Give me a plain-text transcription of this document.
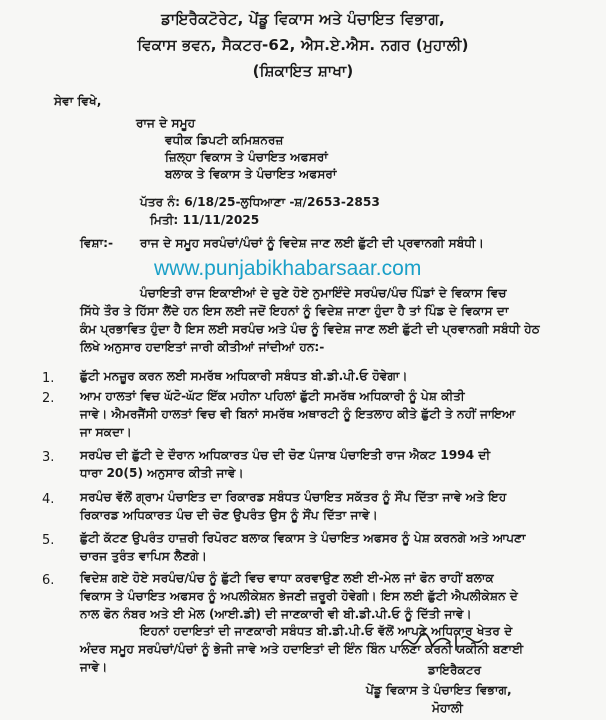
ਡਾਇਰੈਕਟੋਰੇਟ, ਪੇਂਡੂ ਵਿਕਾਸ ਅਤੇ ਪੰਚਾਇਤ ਵਿਭਾਗ,
ਵਿਕਾਸ ਭਵਨ, ਸੈਕਟਰ-62, ਐਸ.ਏ.ਐਸ. ਨਗਰ (ਮੁਹਾਲੀ)
(ਸ਼ਿਕਾਇਤ ਸ਼ਾਖਾ)
ਸੇਵਾ ਵਿਖੇ,
ਰਾਜ ਦੇ ਸਮੂਹ
ਵਧੀਕ ਡਿਪਟੀ ਕਮਿਸ਼ਨਰਜ਼
ਜ਼ਿਲ੍ਹਾ ਵਿਕਾਸ ਤੇ ਪੰਚਾਇਤ ਅਫਸਰਾਂ
ਬਲਾਕ ਤੇ ਵਿਕਾਸ ਤੇ ਪੰਚਾਇਤ ਅਫਸਰਾਂ
ਪੱਤਰ ਨੰ: 6/18/25-ਲੁਧਿਆਣਾ -ਸ਼/2653-2853
ਮਿਤੀ: 11/11/2025
ਵਿਸ਼ਾ:- ਰਾਜ ਦੇ ਸਮੂਹ ਸਰਪੰਚਾਂ/ਪੰਚਾਂ ਨੂੰ ਵਿਦੇਸ਼ ਜਾਣ ਲਈ ਛੁੱਟੀ ਦੀ ਪ੍ਰਵਾਨਗੀ ਸਬੰਧੀ।
www.punjabikhabarsaar.com
ਪੰਚਾਇਤੀ ਰਾਜ ਇਕਾਈਆਂ ਦੇ ਚੁਣੇ ਹੋਏ ਨੁਮਾਇੰਦੇ ਸਰਪੰਚ/ਪੰਚ ਪਿੰਡਾਂ ਦੇ ਵਿਕਾਸ ਵਿਚ
ਸਿੱਧੇ ਤੌਰ ਤੇ ਹਿੱਸਾ ਲੈਂਦੇ ਹਨ ਇਸ ਲਈ ਜਦੋਂ ਇਹਨਾਂ ਨੂੰ ਵਿਦੇਸ਼ ਜਾਣਾ ਹੁੰਦਾ ਹੈ ਤਾਂ ਪਿੰਡ ਦੇ ਵਿਕਾਸ ਦਾ
ਕੰਮ ਪ੍ਰਭਾਵਿਤ ਹੁੰਦਾ ਹੈ ਇਸ ਲਈ ਸਰਪੰਚ ਅਤੇ ਪੰਚ ਨੂੰ ਵਿਦੇਸ਼ ਜਾਣ ਲਈ ਛੁੱਟੀ ਦੀ ਪ੍ਰਵਾਨਗੀ ਸਬੰਧੀ ਹੇਠ
ਲਿਖੇ ਅਨੁਸਾਰ ਹਦਾਇਤਾਂ ਜਾਰੀ ਕੀਤੀਆਂ ਜਾਂਦੀਆਂ ਹਨ:-
1. ਛੁੱਟੀ ਮਨਜ਼ੂਰ ਕਰਨ ਲਈ ਸਮਰੱਥ ਅਧਿਕਾਰੀ ਸਬੰਧਤ ਬੀ.ਡੀ.ਪੀ.ਓ ਹੋਵੇਗਾ।
2. ਆਮ ਹਾਲਤਾਂ ਵਿਚ ਘੱਟੋ-ਘੱਟ ਇੱਕ ਮਹੀਨਾ ਪਹਿਲਾਂ ਛੁੱਟੀ ਸਮਰੱਥ ਅਧਿਕਾਰੀ ਨੂੰ ਪੇਸ਼ ਕੀਤੀ
ਜਾਵੇ। ਐਮਰਜੈਂਸੀ ਹਾਲਤਾਂ ਵਿਚ ਵੀ ਬਿਨਾਂ ਸਮਰੱਥ ਅਥਾਰਟੀ ਨੂੰ ਇਤਲਾਹ ਕੀਤੇ ਛੁੱਟੀ ਤੇ ਨਹੀਂ ਜਾਇਆ
ਜਾ ਸਕਦਾ।
3. ਸਰਪੰਚ ਦੀ ਛੁੱਟੀ ਦੇ ਦੌਰਾਨ ਅਧਿਕਾਰਤ ਪੰਚ ਦੀ ਚੋਣ ਪੰਜਾਬ ਪੰਚਾਇਤੀ ਰਾਜ ਐਕਟ 1994 ਦੀ
ਧਾਰਾ 20(5) ਅਨੁਸਾਰ ਕੀਤੀ ਜਾਵੇ।
4. ਸਰਪੰਚ ਵੱਲੋਂ ਗ੍ਰਾਮ ਪੰਚਾਇਤ ਦਾ ਰਿਕਾਰਡ ਸਬੰਧਤ ਪੰਚਾਇਤ ਸਕੱਤਰ ਨੂੰ ਸੌਂਪ ਦਿੱਤਾ ਜਾਵੇ ਅਤੇ ਇਹ
ਰਿਕਾਰਡ ਅਧਿਕਾਰਤ ਪੰਚ ਦੀ ਚੋਣ ਉਪਰੰਤ ਉਸ ਨੂੰ ਸੌਂਪ ਦਿੱਤਾ ਜਾਵੇ।
5. ਛੁੱਟੀ ਕੱਟਣ ਉਪਰੰਤ ਹਾਜ਼ਰੀ ਰਿਪੋਰਟ ਬਲਾਕ ਵਿਕਾਸ ਤੇ ਪੰਚਾਇਤ ਅਫਸਰ ਨੂੰ ਪੇਸ਼ ਕਰਨਗੇ ਅਤੇ ਆਪਣਾ
ਚਾਰਜ ਤੁਰੰਤ ਵਾਪਿਸ ਲੈਣਗੇ।
6. ਵਿਦੇਸ਼ ਗਏ ਹੋਏ ਸਰਪੰਚ/ਪੰਚ ਨੂੰ ਛੁੱਟੀ ਵਿਚ ਵਾਧਾ ਕਰਵਾਉਣ ਲਈ ਈ-ਮੇਲ ਜਾਂ ਫੋਨ ਰਾਹੀਂ ਬਲਾਕ
ਵਿਕਾਸ ਤੇ ਪੰਚਾਇਤ ਅਫਸਰ ਨੂੰ ਅਪਲੀਕੇਸ਼ਨ ਭੇਜਣੀ ਜ਼ਰੂਰੀ ਹੋਵੇਗੀ। ਇਸ ਲਈ ਛੁੱਟੀ ਐਪਲੀਕੇਸ਼ਨ ਦੇ
ਨਾਲ ਫੋਨ ਨੰਬਰ ਅਤੇ ਈ ਮੇਲ (ਆਈ.ਡੀ) ਦੀ ਜਾਣਕਾਰੀ ਵੀ ਬੀ.ਡੀ.ਪੀ.ਓ ਨੂੰ ਦਿੱਤੀ ਜਾਵੇ।
ਇਹਨਾਂ ਹਦਾਇਤਾਂ ਦੀ ਜਾਣਕਾਰੀ ਸਬੰਧਤ ਬੀ.ਡੀ.ਪੀ.ਓ ਵੱਲੋਂ ਆਪਣੇ ਅਧਿਕਾਰ ਖੇਤਰ ਦੇ
ਅੰਦਰ ਸਮੂਹ ਸਰਪੰਚਾਂ/ਪੰਚਾਂ ਨੂੰ ਭੇਜੀ ਜਾਵੇ ਅਤੇ ਹਦਾਇਤਾਂ ਦੀ ਇੰਨ ਬਿੰਨ ਪਾਲਣਾ ਕਰਨੀ ਯਕੀਨੀ ਬਣਾਈ
ਜਾਵੇ।	ਡਾਇਰੈਕਟਰ
ਪੇਂਡੂ ਵਿਕਾਸ ਤੇ ਪੰਚਾਇਤ ਵਿਭਾਗ,
ਮੋਹਾਲੀ
